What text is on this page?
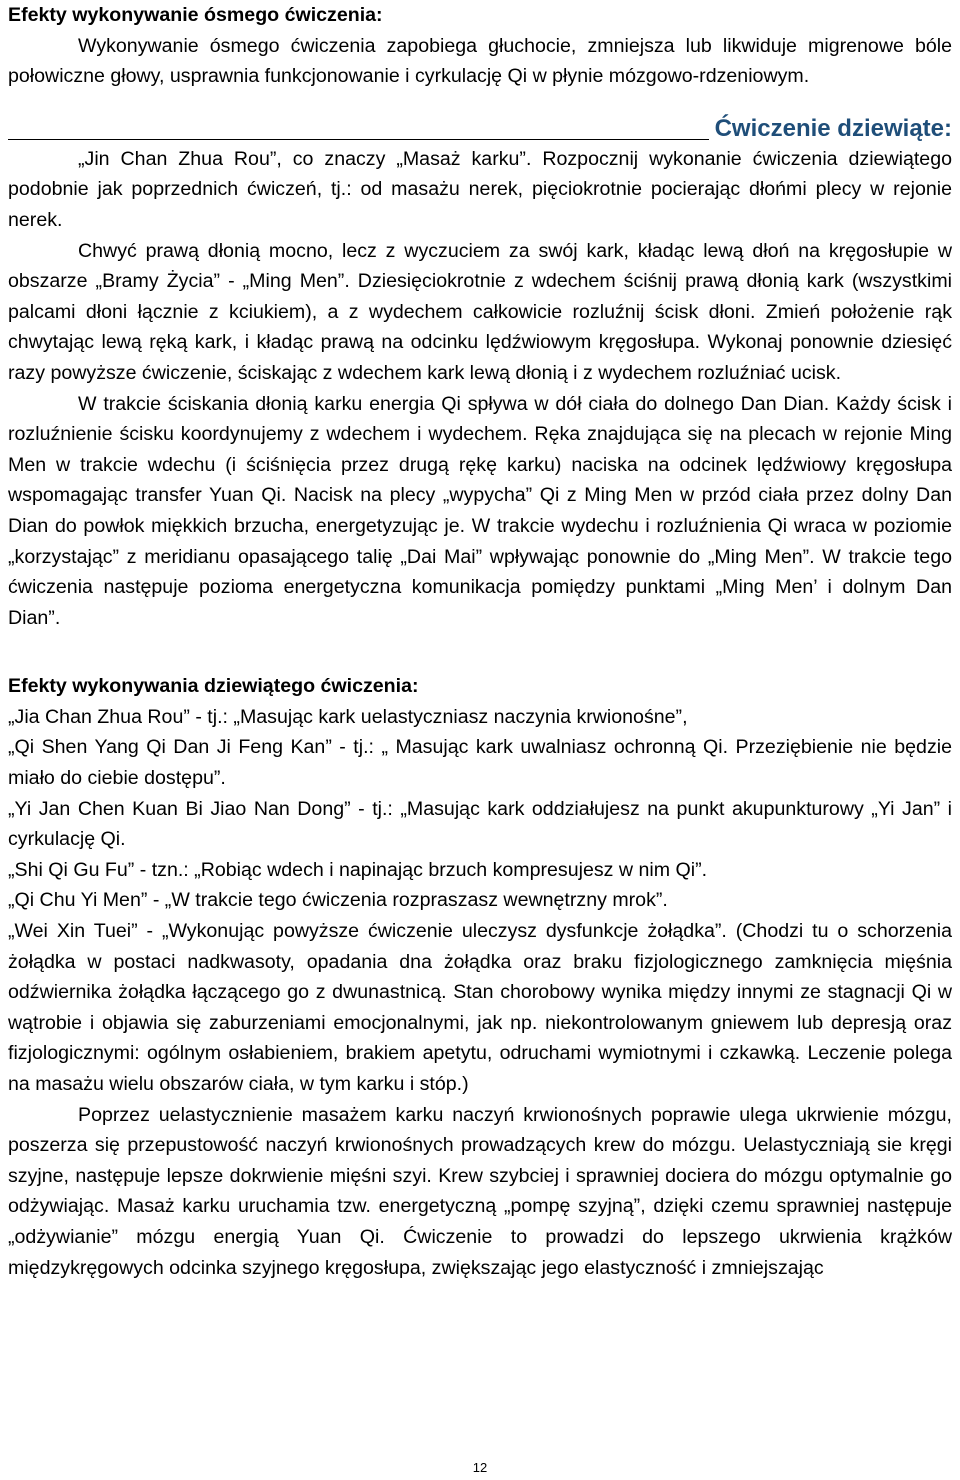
Efekty wykonywanie ósmego ćwiczenia:

Wykonywanie ósmego ćwiczenia zapobiega głuchocie, zmniejsza lub likwiduje migrenowe bóle połowiczne głowy, usprawnia funkcjonowanie i cyrkulację Qi w płynie mózgowo-rdzeniowym.

Ćwiczenie dziewiąte:

„Jin Chan Zhua Rou”, co znaczy „Masaż karku”. Rozpocznij wykonanie ćwiczenia dziewiątego podobnie jak poprzednich ćwiczeń, tj.: od masażu nerek, pięciokrotnie pocierając dłońmi plecy w rejonie nerek.

Chwyć prawą dłonią mocno, lecz z wyczuciem za swój kark, kładąc lewą dłoń na kręgosłupie w obszarze „Bramy Życia” - „Ming Men”. Dziesięciokrotnie z wdechem ściśnij prawą dłonią kark (wszystkimi palcami dłoni łącznie z kciukiem), a z wydechem całkowicie rozluźnij ścisk dłoni. Zmień położenie rąk chwytając lewą ręką kark, i kładąc prawą na odcinku lędźwiowym kręgosłupa. Wykonaj ponownie dziesięć razy powyższe ćwiczenie, ściskając z wdechem kark lewą dłonią i z wydechem rozluźniać ucisk.

W trakcie ściskania dłonią karku energia Qi spływa w dół ciała do dolnego Dan Dian. Każdy ścisk i rozluźnienie ścisku koordynujemy z wdechem i wydechem. Ręka znajdująca się na plecach w rejonie Ming Men w trakcie wdechu (i ściśnięcia przez drugą rękę karku) naciska na odcinek lędźwiowy kręgosłupa wspomagając transfer Yuan Qi. Nacisk na plecy „wypycha” Qi z Ming Men w przód ciała przez dolny Dan Dian do powłok miękkich brzucha, energetyzując je. W trakcie wydechu i rozluźnienia Qi wraca w poziomie „korzystając” z meridianu opasającego talię „Dai Mai” wpływając ponownie do „Ming Men”. W trakcie tego ćwiczenia następuje pozioma energetyczna komunikacja pomiędzy punktami „Ming Men’ i dolnym Dan Dian”.

Efekty wykonywania dziewiątego ćwiczenia:

„Jia Chan Zhua Rou” - tj.: „Masując kark uelastyczniasz naczynia krwionośne”,

„Qi Shen Yang Qi Dan Ji Feng Kan” - tj.: „ Masując kark uwalniasz ochronną Qi. Przeziębienie nie będzie miało do ciebie dostępu”.

„Yi Jan Chen Kuan Bi Jiao Nan Dong” - tj.: „Masując kark oddziałujesz na punkt akupunkturowy „Yi Jan” i cyrkulację Qi.

„Shi Qi Gu Fu” - tzn.: „Robiąc wdech i napinając brzuch kompresujesz w nim Qi”.

„Qi Chu Yi Men” - „W trakcie tego ćwiczenia rozpraszasz wewnętrzny mrok”.

„Wei Xin Tuei” - „Wykonując powyższe ćwiczenie uleczysz dysfunkcje żołądka”. (Chodzi tu o schorzenia żołądka w postaci nadkwasoty, opadania dna żołądka oraz braku fizjologicznego zamknięcia mięśnia odźwiernika żołądka łączącego go z dwunastnicą. Stan chorobowy wynika między innymi ze stagnacji Qi w wątrobie i objawia się zaburzeniami emocjonalnymi, jak np. niekontrolowanym gniewem lub depresją oraz fizjologicznymi: ogólnym osłabieniem, brakiem apetytu, odruchami wymiotnymi i czkawką. Leczenie polega na masażu wielu obszarów ciała, w tym karku i stóp.)

Poprzez uelastycznienie masażem karku naczyń krwionośnych poprawie ulega ukrwienie mózgu, poszerza się przepustowość naczyń krwionośnych prowadzących krew do mózgu. Uelastyczniają sie kręgi szyjne, następuje lepsze dokrwienie mięśni szyi. Krew szybciej i sprawniej dociera do mózgu optymalnie go odżywiając. Masaż karku uruchamia tzw. energetyczną „pompę szyjną”, dzięki czemu sprawniej następuje „odżywianie” mózgu energią Yuan Qi. Ćwiczenie to prowadzi do lepszego ukrwienia krążków międzykręgowych odcinka szyjnego kręgosłupa, zwiększając jego elastyczność i zmniejszając

12
